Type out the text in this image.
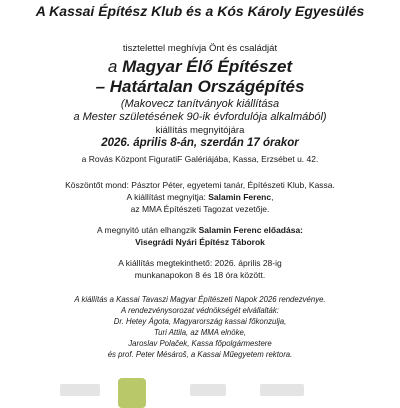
A Kassai Építész Klub és a Kós Károly Egyesülés
tisztelettel meghívja Önt és családját
a Magyar Élő Építészet
– Határtalan Országépítés
(Makovecz tanítványok kiállítása
a Mester születésének 90-ik évfordulója alkalmából)
kiállítás megnyitójára
2026. április 8-án, szerdán 17 órakor
a Rovás Központ FiguratiF Galériájába, Kassa, Erzsébet u. 42.
Köszöntőt mond: Pásztor Péter, egyetemi tanár, Építészeti Klub, Kassa.
A kiállítást megnyitja: Salamin Ferenc,
az MMA Építészeti Tagozat vezetője.
A megnyitó után elhangzik Salamin Ferenc előadása:
Visegrádi Nyári Építész Táborok
A kiállítás megtekinthető: 2026. április 28-ig
munkanapokon 8 és 18 óra között.
A kiállítás a Kassai Tavaszi Magyar Építészeti Napok 2026 rendezvénye.
A rendezvénysorozat védnökségét elvállalták:
Dr. Hetey Ágota, Magyarország kassai főkonzulja,
Turi Attila, az MMA elnöke,
Jaroslav Polaček, Kassa főpolgármestere
és prof. Peter Mésároš, a Kassai Műegyetem rektora.
